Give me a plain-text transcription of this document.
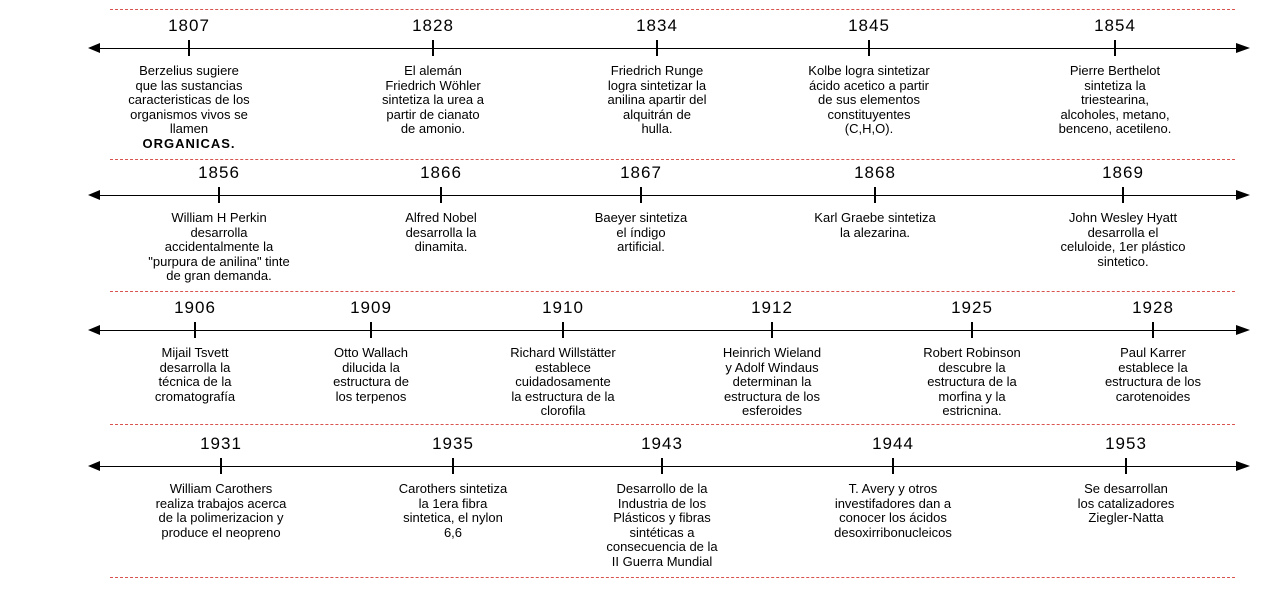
1807
Berzelius sugiere
que las sustancias
caracteristicas de los
organismos vivos se
llamen
ORGANICAS.
1828
El alemán
Friedrich Wöhler
sintetiza la urea a
partir de cianato
de amonio.
1834
Friedrich Runge
logra sintetizar la
anilina apartir del
alquitrán de
hulla.
1845
Kolbe logra sintetizar
ácido acetico a partir
de sus elementos
constituyentes
(C,H,O).
1854
Pierre Berthelot
sintetiza la
triestearina,
alcoholes, metano,
benceno, acetileno.
1856
William H Perkin
desarrolla
accidentalmente la
"purpura de anilina" tinte
de gran demanda.
1866
Alfred Nobel
desarrolla la
dinamita.
1867
Baeyer sintetiza
el índigo
artificial.
1868
Karl Graebe sintetiza
la alezarina.
1869
John Wesley Hyatt
desarrolla el
celuloide, 1er plástico
sintetico.
1906
Mijail Tsvett
desarrolla la
técnica de la
cromatografía
1909
Otto Wallach
dilucida la
estructura de
los terpenos
1910
Richard Willstätter
establece
cuidadosamente
la estructura de la
clorofila
1912
Heinrich Wieland
y Adolf Windaus
determinan la
estructura de los
esferoides
1925
Robert Robinson
descubre la
estructura de la
morfina y la
estricnina.
1928
Paul Karrer
establece la
estructura de los
carotenoides
1931
William Carothers
realiza trabajos acerca
de la polimerizacion y
produce el neopreno
1935
Carothers sintetiza
la 1era fibra
sintetica, el nylon
6,6
1943
Desarrollo de la
Industria de los
Plásticos y fibras
sintéticas a
consecuencia de la
II Guerra Mundial
1944
T. Avery y otros
investifadores dan a
conocer los ácidos
desoxirribonucleicos
1953
Se desarrollan
los catalizadores
Ziegler-Natta
